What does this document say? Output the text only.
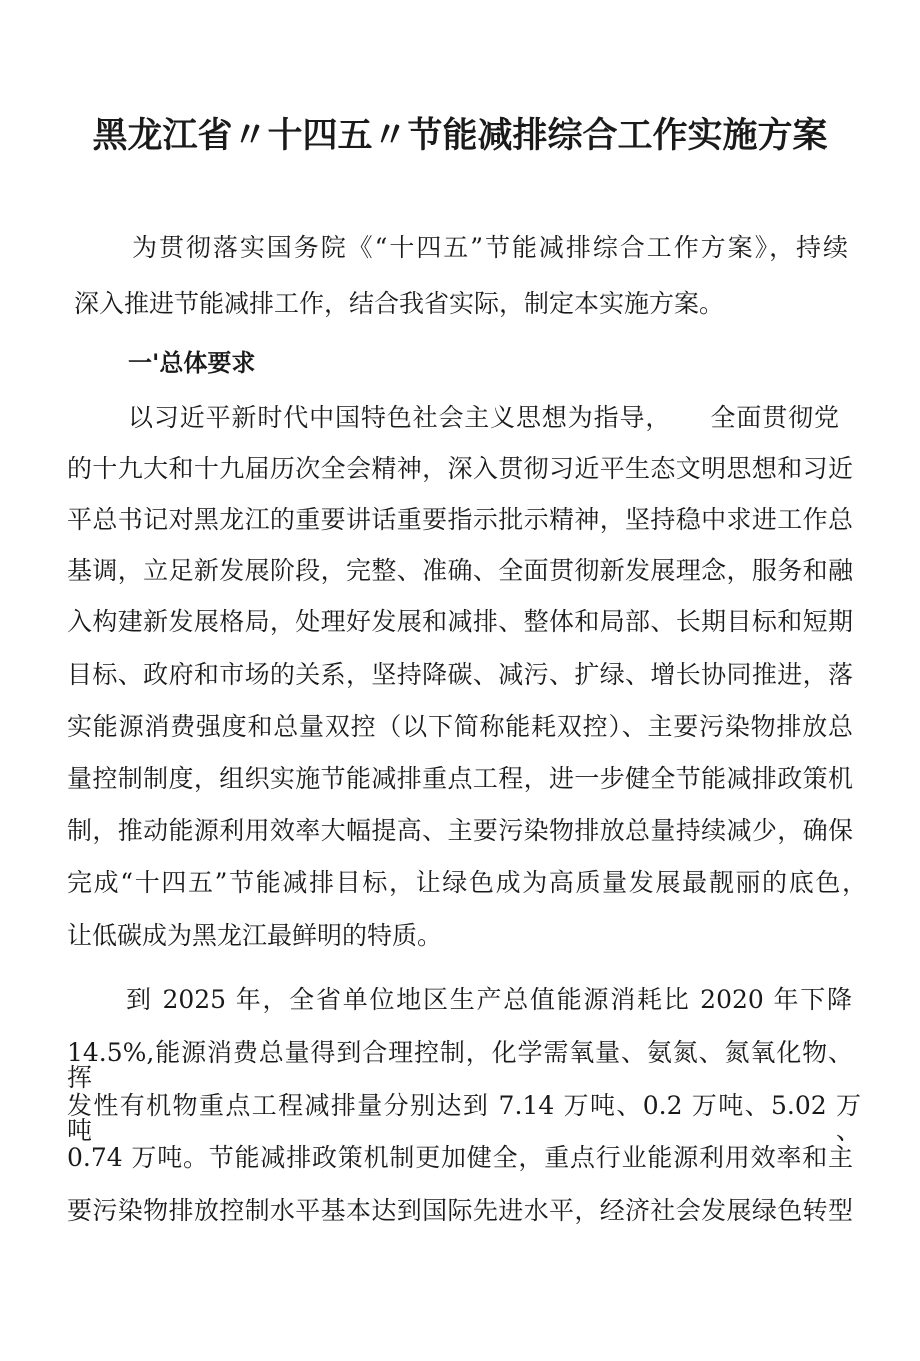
黑龙江省〃十四五〃节能减排综合工作实施方案
为贯彻落实国务院《“十四五”节能减排综合工作方案》，持续
深入推进节能减排工作，结合我省实际，制定本实施方案。
一'总体要求
以习近平新时代中国特色社会主义思想为指导，　　全面贯彻党
的十九大和十九届历次全会精神，深入贯彻习近平生态文明思想和习近
平总书记对黑龙江的重要讲话重要指示批示精神，坚持稳中求进工作总
基调，立足新发展阶段，完整、准确、全面贯彻新发展理念，服务和融
入构建新发展格局，处理好发展和减排、整体和局部、长期目标和短期
目标、政府和市场的关系，坚持降碳、减污、扩绿、增长协同推进，落
实能源消费强度和总量双控（以下简称能耗双控）、主要污染物排放总
量控制制度，组织实施节能减排重点工程，进一步健全节能减排政策机
制，推动能源利用效率大幅提高、主要污染物排放总量持续减少，确保
完成“十四五”节能减排目标，让绿色成为高质量发展最靓丽的底色，
让低碳成为黑龙江最鲜明的特质。
到 2025 年，全省单位地区生产总值能源消耗比 2020 年下降
14.5%,能源消费总量得到合理控制，化学需氧量、氨氮、氮氧化物、挥
发性有机物重点工程减排量分别达到 7.14 万吨、0.2 万吨、5.02 万吨、
0.74 万吨。节能减排政策机制更加健全，重点行业能源利用效率和主
要污染物排放控制水平基本达到国际先进水平，经济社会发展绿色转型
